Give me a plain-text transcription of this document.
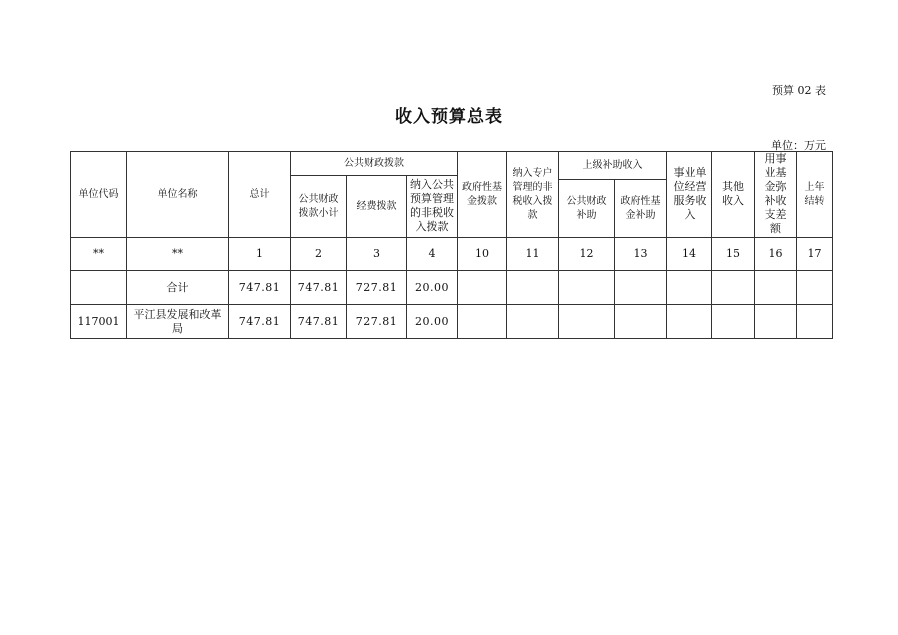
预算 02 表
收入预算总表
单位：万元
单位代码	单位名称	总计	公共财政拨款			政府性基金拨款	纳入专户管理的非税收入拨款	上级补助收入		事业单位经营服务收入	其他收入	用事业基金弥补收支差额	上年结转
			公共财政拨款小计	经费拨款	纳入公共预算管理的非税收入拨款								
								公共财政补助	政府性基金补助				
**	**	1	2	3	4	10	11	12	13	14	15	16	17
	合计	747.81	747.81	727.81	20.00								
117001	平江县发展和改革局	747.81	747.81	727.81	20.00								
